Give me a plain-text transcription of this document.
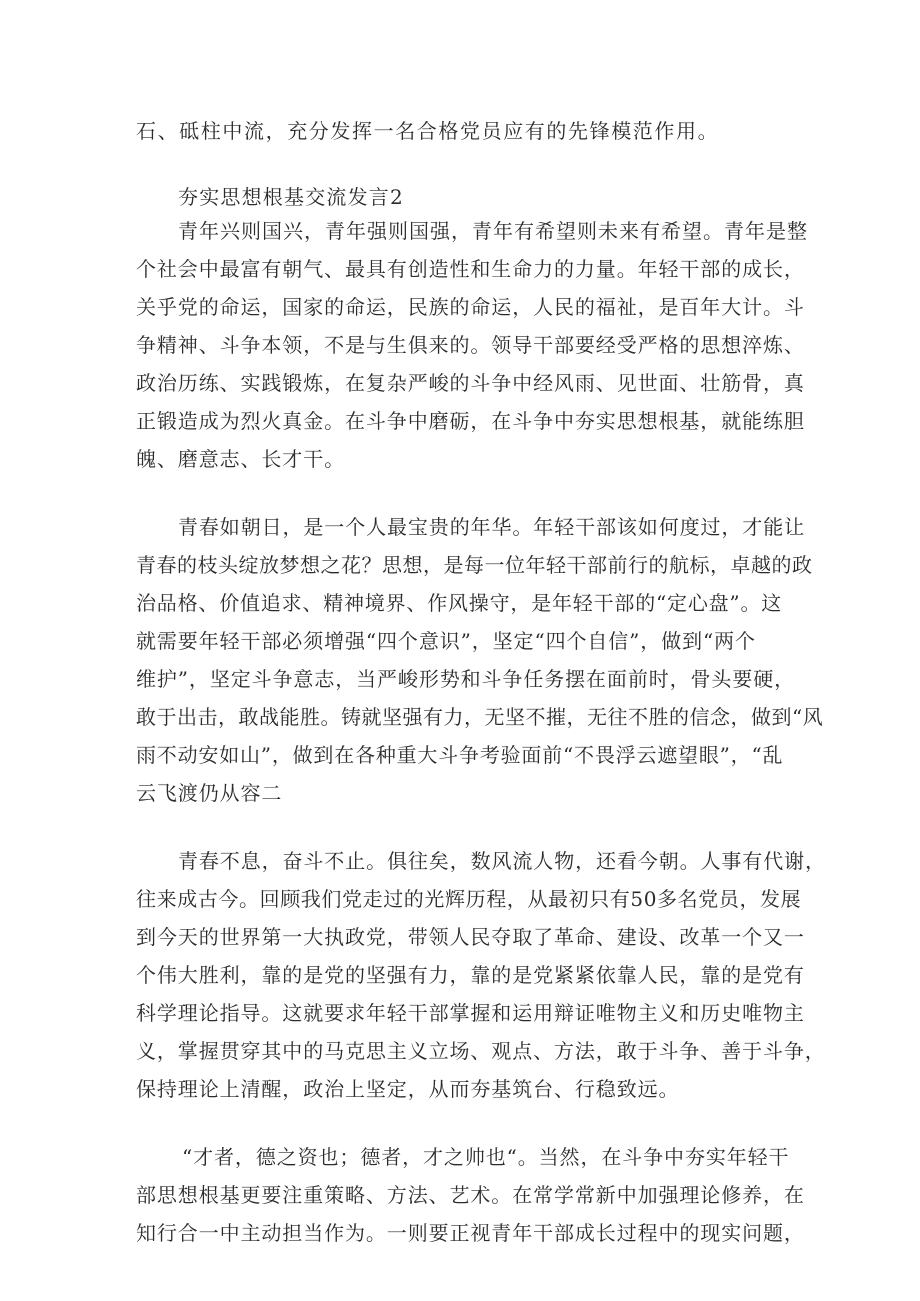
石、砥柱中流，充分发挥一名合格党员应有的先锋模范作用。
夯实思想根基交流发言2
青年兴则国兴，青年强则国强，青年有希望则未来有希望。青年是整
个社会中最富有朝气、最具有创造性和生命力的力量。年轻干部的成长，
关乎党的命运，国家的命运，民族的命运，人民的福祉，是百年大计。斗
争精神、斗争本领，不是与生俱来的。领导干部要经受严格的思想淬炼、
政治历练、实践锻炼，在复杂严峻的斗争中经风雨、见世面、壮筋骨，真
正锻造成为烈火真金。在斗争中磨砺，在斗争中夯实思想根基，就能练胆
魄、磨意志、长才干。
青春如朝日，是一个人最宝贵的年华。年轻干部该如何度过，才能让
青春的枝头绽放梦想之花？思想，是每一位年轻干部前行的航标，卓越的政
治品格、价值追求、精神境界、作风操守，是年轻干部的“定心盘”。这
就需要年轻干部必须增强“四个意识”，坚定“四个自信”，做到“两个
维护”，坚定斗争意志，当严峻形势和斗争任务摆在面前时，骨头要硬，
敢于出击，敢战能胜。铸就坚强有力，无坚不摧，无往不胜的信念，做到“风
雨不动安如山”，做到在各种重大斗争考验面前“不畏浮云遮望眼”，“乱
云飞渡仍从容二
青春不息，奋斗不止。俱往矣，数风流人物，还看今朝。人事有代谢，
往来成古今。回顾我们党走过的光辉历程，从最初只有50多名党员，发展
到今天的世界第一大执政党，带领人民夺取了革命、建设、改革一个又一
个伟大胜利，靠的是党的坚强有力，靠的是党紧紧依靠人民，靠的是党有
科学理论指导。这就要求年轻干部掌握和运用辩证唯物主义和历史唯物主
义，掌握贯穿其中的马克思主义立场、观点、方法，敢于斗争、善于斗争，
保持理论上清醒，政治上坚定，从而夯基筑台、行稳致远。
“才者，德之资也；德者，才之帅也“。当然，在斗争中夯实年轻干
部思想根基更要注重策略、方法、艺术。在常学常新中加强理论修养，在
知行合一中主动担当作为。一则要正视青年干部成长过程中的现实问题，
